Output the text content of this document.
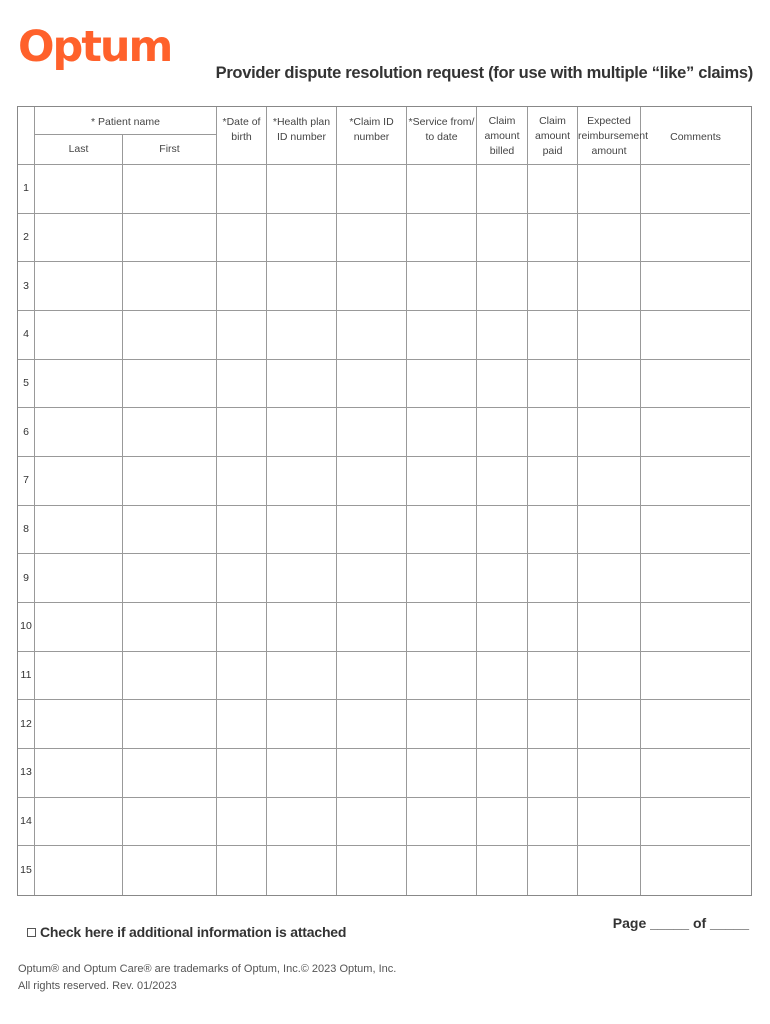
Optum
Provider dispute resolution request (for use with multiple “like” claims)
* Patient name	*Date of birth
*Health plan ID number
*Claim ID number
*Service from/ to date
Claim amount billed
Claim amount paid
Expected reimbursement amount
Comments
Last	First
1
2
3
4
5
6
7
8
9
10
11
12
13
14
15
Check here if additional information is attached
Page _____ of _____
Optum® and Optum Care® are trademarks of Optum, Inc.© 2023 Optum, Inc.
All rights reserved. Rev. 01/2023
